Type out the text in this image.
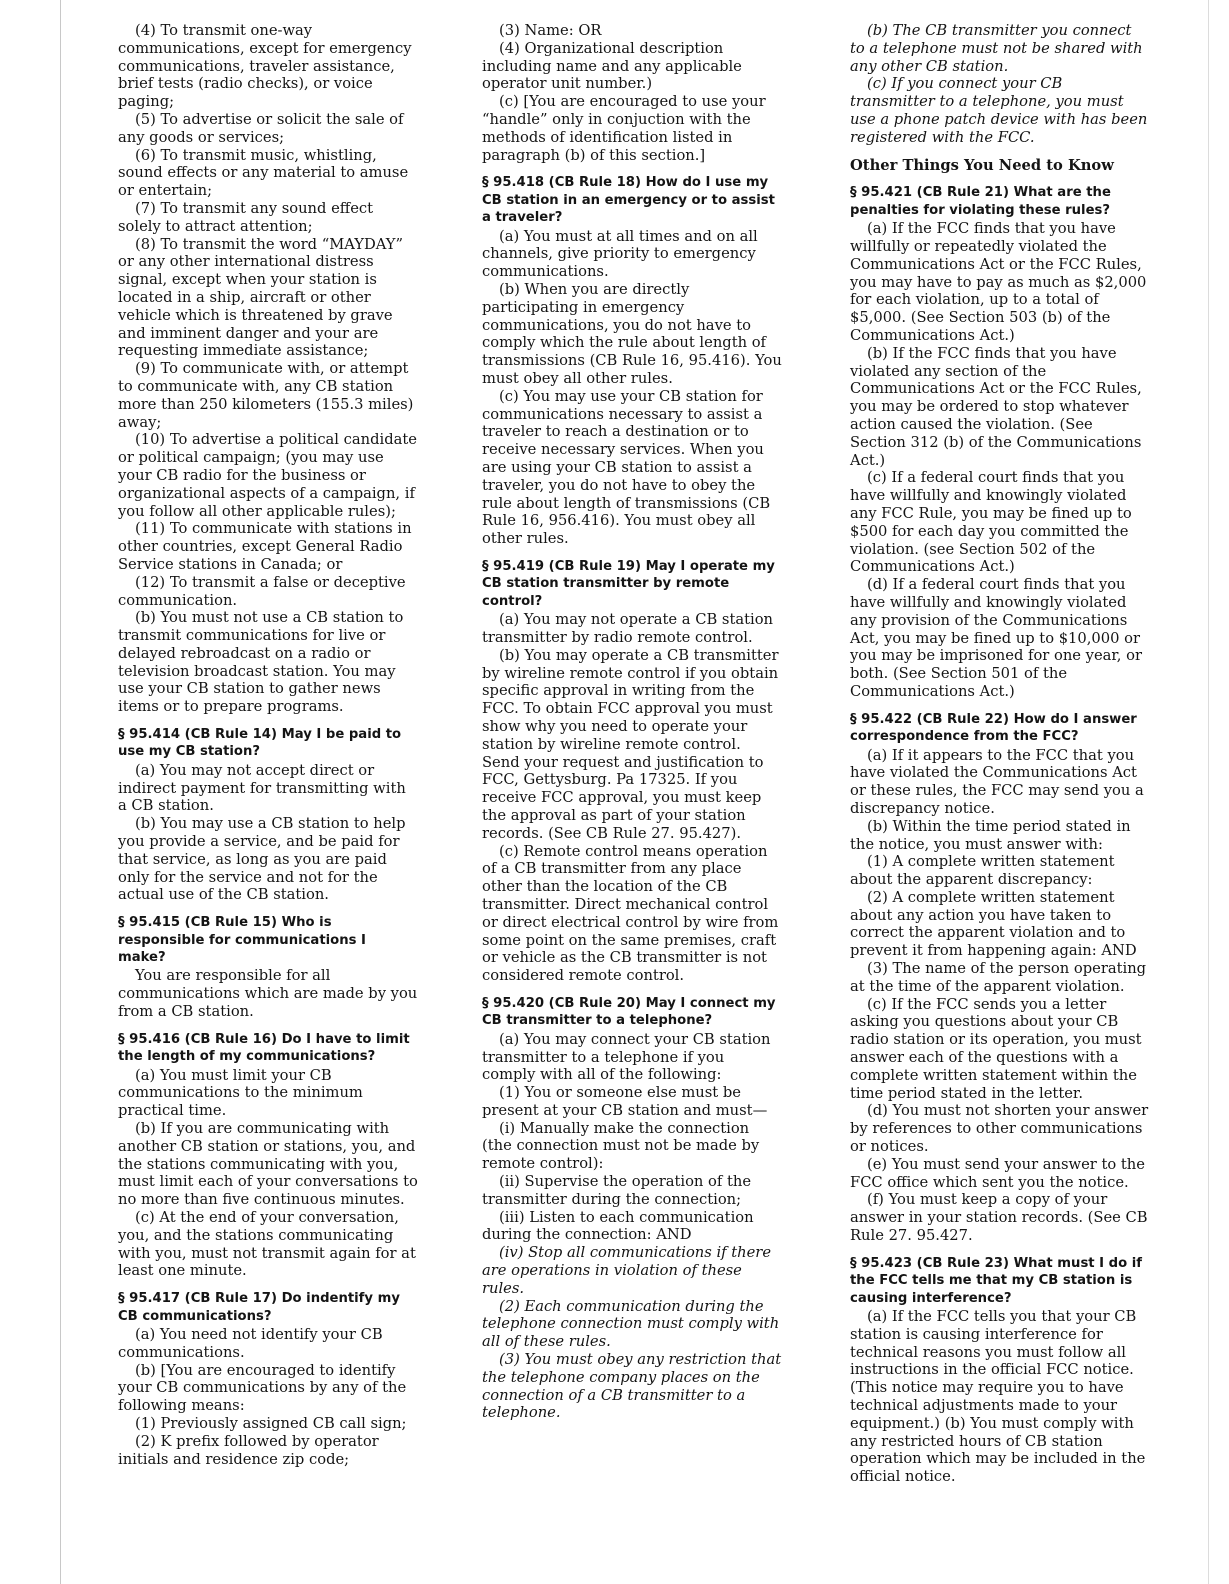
(4) To transmit one-way communications, except for emergency communications, traveler assistance, brief tests (radio checks), or voice paging;

(5) To advertise or solicit the sale of any goods or services;

(6) To transmit music, whistling, sound effects or any material to amuse or entertain;

(7) To transmit any sound effect solely to attract attention;

(8) To transmit the word “MAYDAY” or any other international distress signal, except when your station is located in a ship, aircraft or other vehicle which is threatened by grave and imminent danger and your are requesting immediate assistance;

(9) To communicate with, or attempt to communicate with, any CB station more than 250 kilometers (155.3 miles) away;

(10) To advertise a political candidate or political campaign; (you may use your CB radio for the business or organizational aspects of a campaign, if you follow all other applicable rules);

(11) To communicate with stations in other countries, except General Radio Service stations in Canada; or

(12) To transmit a false or deceptive communication.

(b) You must not use a CB station to transmit communications for live or delayed rebroadcast on a radio or television broadcast station. You may use your CB station to gather news items or to prepare programs.

§ 95.414 (CB Rule 14) May I be paid to use my CB station?

(a) You may not accept direct or indirect payment for transmitting with a CB station.

(b) You may use a CB station to help you provide a service, and be paid for that service, as long as you are paid only for the service and not for the actual use of the CB station.

§ 95.415 (CB Rule 15) Who is responsible for communications I make?

You are responsible for all communications which are made by you from a CB station.

§ 95.416 (CB Rule 16) Do I have to limit the length of my communications?

(a) You must limit your CB communications to the minimum practical time.

(b) If you are communicating with another CB station or stations, you, and the stations communicating with you, must limit each of your conversations to no more than five continuous minutes.

(c) At the end of your conversation, you, and the stations communicating with you, must not transmit again for at least one minute.

§ 95.417 (CB Rule 17) Do indentify my CB communications?

(a) You need not identify your CB communications.

(b) [You are encouraged to identify your CB communications by any of the following means:

(1) Previously assigned CB call sign;

(2) K prefix followed by operator initials and residence zip code;

(3) Name: OR

(4) Organizational description including name and any applicable operator unit number.)

(c) [You are encouraged to use your “handle” only in conjuction with the methods of identification listed in paragraph (b) of this section.]

§ 95.418 (CB Rule 18) How do I use my CB station in an emergency or to assist a traveler?

(a) You must at all times and on all channels, give priority to emergency communications.

(b) When you are directly participating in emergency communications, you do not have to comply which the rule about length of transmissions (CB Rule 16, 95.416). You must obey all other rules.

(c) You may use your CB station for communications necessary to assist a traveler to reach a destination or to receive necessary services. When you are using your CB station to assist a traveler, you do not have to obey the rule about length of transmissions (CB Rule 16, 956.416). You must obey all other rules.

§ 95.419 (CB Rule 19) May I operate my CB station transmitter by remote control?

(a) You may not operate a CB station transmitter by radio remote control.

(b) You may operate a CB transmitter by wireline remote control if you obtain specific approval in writing from the FCC. To obtain FCC approval you must show why you need to operate your station by wireline remote control. Send your request and justification to FCC, Gettysburg. Pa 17325. If you receive FCC approval, you must keep the approval as part of your station records. (See CB Rule 27. 95.427).

(c) Remote control means operation of a CB transmitter from any place other than the location of the CB transmitter. Direct mechanical control or direct electrical control by wire from some point on the same premises, craft or vehicle as the CB transmitter is not considered remote control.

§ 95.420 (CB Rule 20) May I connect my CB transmitter to a telephone?

(a) You may connect your CB station transmitter to a telephone if you comply with all of the following:

(1) You or someone else must be present at your CB station and must—

(i) Manually make the connection (the connection must not be made by remote control):

(ii) Supervise the operation of the transmitter during the connection;

(iii) Listen to each communication during the connection: AND

(iv) Stop all communications if there are operations in violation of these rules.

(2) Each communication during the telephone connection must comply with all of these rules.

(3) You must obey any restriction that the telephone company places on the connection of a CB transmitter to a telephone.

(b) The CB transmitter you connect to a telephone must not be shared with any other CB station.

(c) If you connect your CB transmitter to a telephone, you must use a phone patch device with has been registered with the FCC.

Other Things You Need to Know

§ 95.421 (CB Rule 21) What are the penalties for violating these rules?

(a) If the FCC finds that you have willfully or repeatedly violated the Communications Act or the FCC Rules, you may have to pay as much as $2,000 for each violation, up to a total of $5,000. (See Section 503 (b) of the Communications Act.)

(b) If the FCC finds that you have violated any section of the Communications Act or the FCC Rules, you may be ordered to stop whatever action caused the violation. (See Section 312 (b) of the Communications Act.)

(c) If a federal court finds that you have willfully and knowingly violated any FCC Rule, you may be fined up to $500 for each day you committed the violation. (see Section 502 of the Communications Act.)

(d) If a federal court finds that you have willfully and knowingly violated any provision of the Communications Act, you may be fined up to $10,000 or you may be imprisoned for one year, or both. (See Section 501 of the Communications Act.)

§ 95.422 (CB Rule 22) How do I answer correspondence from the FCC?

(a) If it appears to the FCC that you have violated the Communications Act or these rules, the FCC may send you a discrepancy notice.

(b) Within the time period stated in the notice, you must answer with:

(1) A complete written statement about the apparent discrepancy:

(2) A complete written statement about any action you have taken to correct the apparent violation and to prevent it from happening again: AND

(3) The name of the person operating at the time of the apparent violation.

(c) If the FCC sends you a letter asking you questions about your CB radio station or its operation, you must answer each of the questions with a complete written statement within the time period stated in the letter.

(d) You must not shorten your answer by references to other communications or notices.

(e) You must send your answer to the FCC office which sent you the notice.

(f) You must keep a copy of your answer in your station records. (See CB Rule 27. 95.427.

§ 95.423 (CB Rule 23) What must I do if the FCC tells me that my CB station is causing interference?

(a) If the FCC tells you that your CB station is causing interference for technical reasons you must follow all instructions in the official FCC notice. (This notice may require you to have technical adjustments made to your equipment.) (b) You must comply with any restricted hours of CB station operation which may be included in the official notice.
